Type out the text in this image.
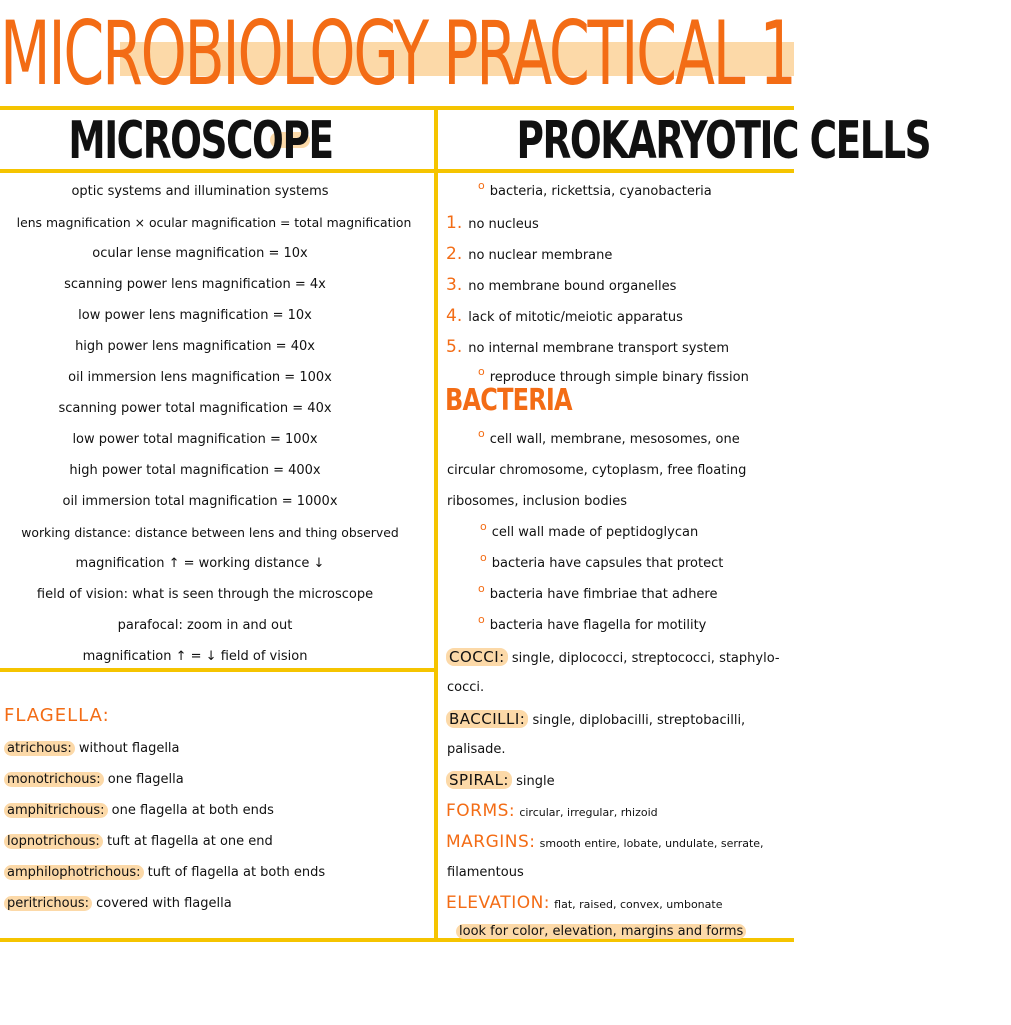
MICROBIOLOGY PRACTICAL 1
MICROSCOPE	PROKARYOTIC CELLS
optic systems and illumination systems
lens magnification × ocular magnification = total magnification
ocular lense magnification = 10x
scanning power lens magnification = 4x
low power lens magnification = 10x
high power lens magnification = 40x
oil immersion lens magnification = 100x
scanning power total magnification = 40x
low power total magnification = 100x
high power total magnification = 400x
oil immersion total magnification = 1000x
working distance: distance between lens and thing observed
magnification ↑ = working distance ↓
field of vision: what is seen through the microscope
parafocal: zoom in and out
magnification ↑ = ↓ field of vision
FLAGELLA:
atrichous: without flagella
monotrichous: one flagella
amphitrichous: one flagella at both ends
lopnotrichous: tuft at flagella at one end
amphilophotrichous: tuft of flagella at both ends
peritrichous: covered with flagella
$^o$ bacteria, rickettsia, cyanobacteria
1. no nucleus
2. no nuclear membrane
3. no membrane bound organelles
4. lack of mitotic/meiotic apparatus
5. no internal membrane transport system
$^o$ reproduce through simple binary fission
BACTERIA
$^o$ cell wall, membrane, mesosomes, one
circular chromosome, cytoplasm, free floating
ribosomes, inclusion bodies
$^o$ cell wall made of peptidoglycan
$^o$ bacteria have capsules that protect
$^o$ bacteria have fimbriae that adhere
$^o$ bacteria have flagella for motility
COCCI: single, diplococci, streptococci, staphylo-
cocci.
BACCILLI: single, diplobacilli, streptobacilli,
palisade.
SPIRAL: single
FORMS: circular, irregular, rhizoid
MARGINS: smooth entire, lobate, undulate, serrate,
filamentous
ELEVATION: flat, raised, convex, umbonate
look for color, elevation, margins and forms
